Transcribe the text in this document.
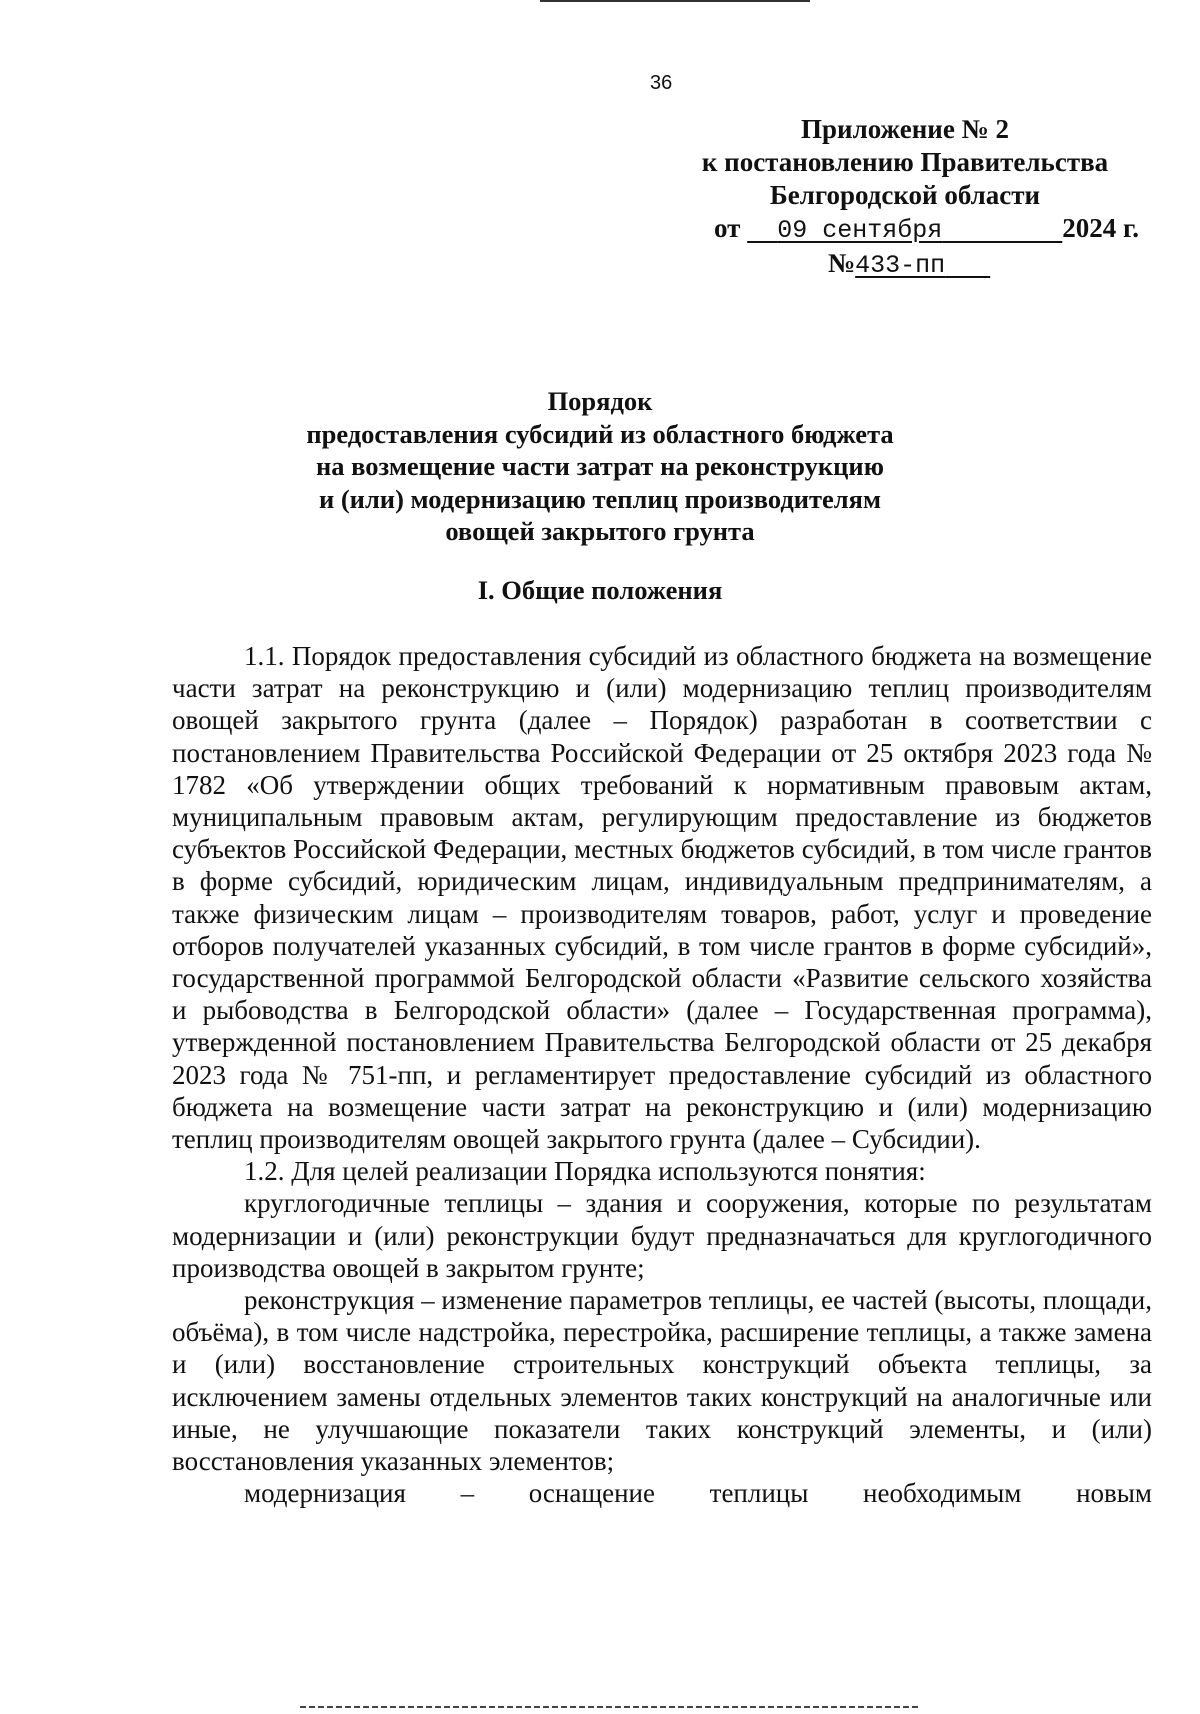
36
Приложение № 2
к постановлению Правительства
Белгородской области
от 09 сентября	2024 г.
№433-пп
Порядок
предоставления субсидий из областного бюджета
на возмещение части затрат на реконструкцию
и (или) модернизацию теплиц производителям
овощей закрытого грунта
I. Общие положения

1.1. Порядок предоставления субсидий из областного бюджета на возмещение части затрат на реконструкцию и (или) модернизацию теплиц производителям овощей закрытого грунта (далее – Порядок) разработан в соответствии с постановлением Правительства Российской Федерации от 25 октября 2023 года № 1782 «Об утверждении общих требований к нормативным правовым актам, муниципальным правовым актам, регулирующим предоставление из бюджетов субъектов Российской Федерации, местных бюджетов субсидий, в том числе грантов в форме субсидий, юридическим лицам, индивидуальным предпринимателям, а также физическим лицам – производителям товаров, работ, услуг и проведение отборов получателей указанных субсидий, в том числе грантов в форме субсидий», государственной программой Белгородской области «Развитие сельского хозяйства и рыбоводства в Белгородской области» (далее – Государственная программа), утвержденной постановлением Правительства Белгородской области от 25 декабря 2023 года № 751-пп, и регламентирует предоставление субсидий из областного бюджета на возмещение части затрат на реконструкцию и (или) модернизацию теплиц производителям овощей закрытого грунта (далее – Субсидии).

1.2. Для целей реализации Порядка используются понятия:

круглогодичные теплицы – здания и сооружения, которые по результатам модернизации и (или) реконструкции будут предназначаться для круглогодичного производства овощей в закрытом грунте;

реконструкция – изменение параметров теплицы, ее частей (высоты, площади, объёма), в том числе надстройка, перестройка, расширение теплицы, а также замена и (или) восстановление строительных конструкций объекта теплицы, за исключением замены отдельных элементов таких конструкций на аналогичные или иные, не улучшающие показатели таких конструкций элементы, и (или) восстановления указанных элементов;

модернизация – оснащение теплицы необходимым новым
